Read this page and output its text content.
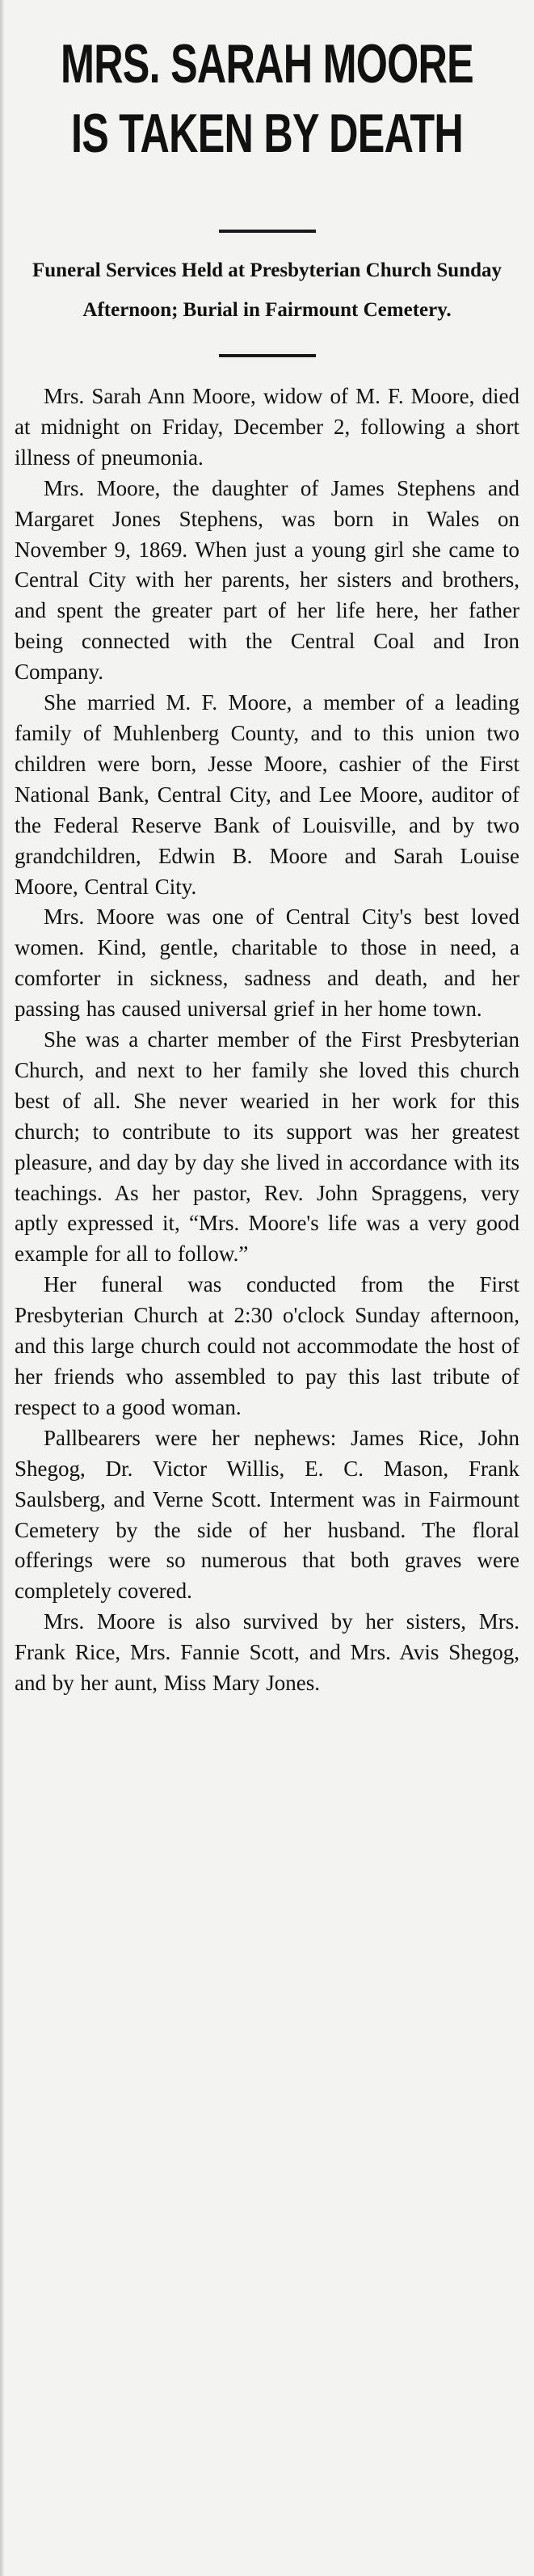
MRS. SARAH MOORE
IS TAKEN BY DEATH
Funeral Services Held at Presbyterian Church Sunday Afternoon; Burial in Fairmount Cemetery.

Mrs. Sarah Ann Moore, widow of M. F. Moore, died at midnight on Friday, December 2, following a short illness of pneumonia.

Mrs. Moore, the daughter of James Stephens and Margaret Jones Stephens, was born in Wales on November 9, 1869. When just a young girl she came to Central City with her parents, her sisters and brothers, and spent the greater part of her life here, her father being connected with the Central Coal and Iron Company.

She married M. F. Moore, a member of a leading family of Muhlenberg County, and to this union two children were born, Jesse Moore, cashier of the First National Bank, Central City, and Lee Moore, auditor of the Federal Reserve Bank of Louisville, and by two grandchildren, Edwin B. Moore and Sarah Louise Moore, Central City.

Mrs. Moore was one of Central City's best loved women. Kind, gentle, charitable to those in need, a comforter in sickness, sadness and death, and her passing has caused universal grief in her home town.

She was a charter member of the First Presbyterian Church, and next to her family she loved this church best of all. She never wearied in her work for this church; to contribute to its support was her greatest pleasure, and day by day she lived in accordance with its teachings. As her pastor, Rev. John Spraggens, very aptly expressed it, “Mrs. Moore's life was a very good example for all to follow.”

Her funeral was conducted from the First Presbyterian Church at 2:30 o'clock Sunday afternoon, and this large church could not accommodate the host of her friends who assembled to pay this last tribute of respect to a good woman.

Pallbearers were her nephews: James Rice, John Shegog, Dr. Victor Willis, E. C. Mason, Frank Saulsberg, and Verne Scott. Interment was in Fairmount Cemetery by the side of her husband. The floral offerings were so numerous that both graves were completely covered.

Mrs. Moore is also survived by her sisters, Mrs. Frank Rice, Mrs. Fannie Scott, and Mrs. Avis Shegog, and by her aunt, Miss Mary Jones.
